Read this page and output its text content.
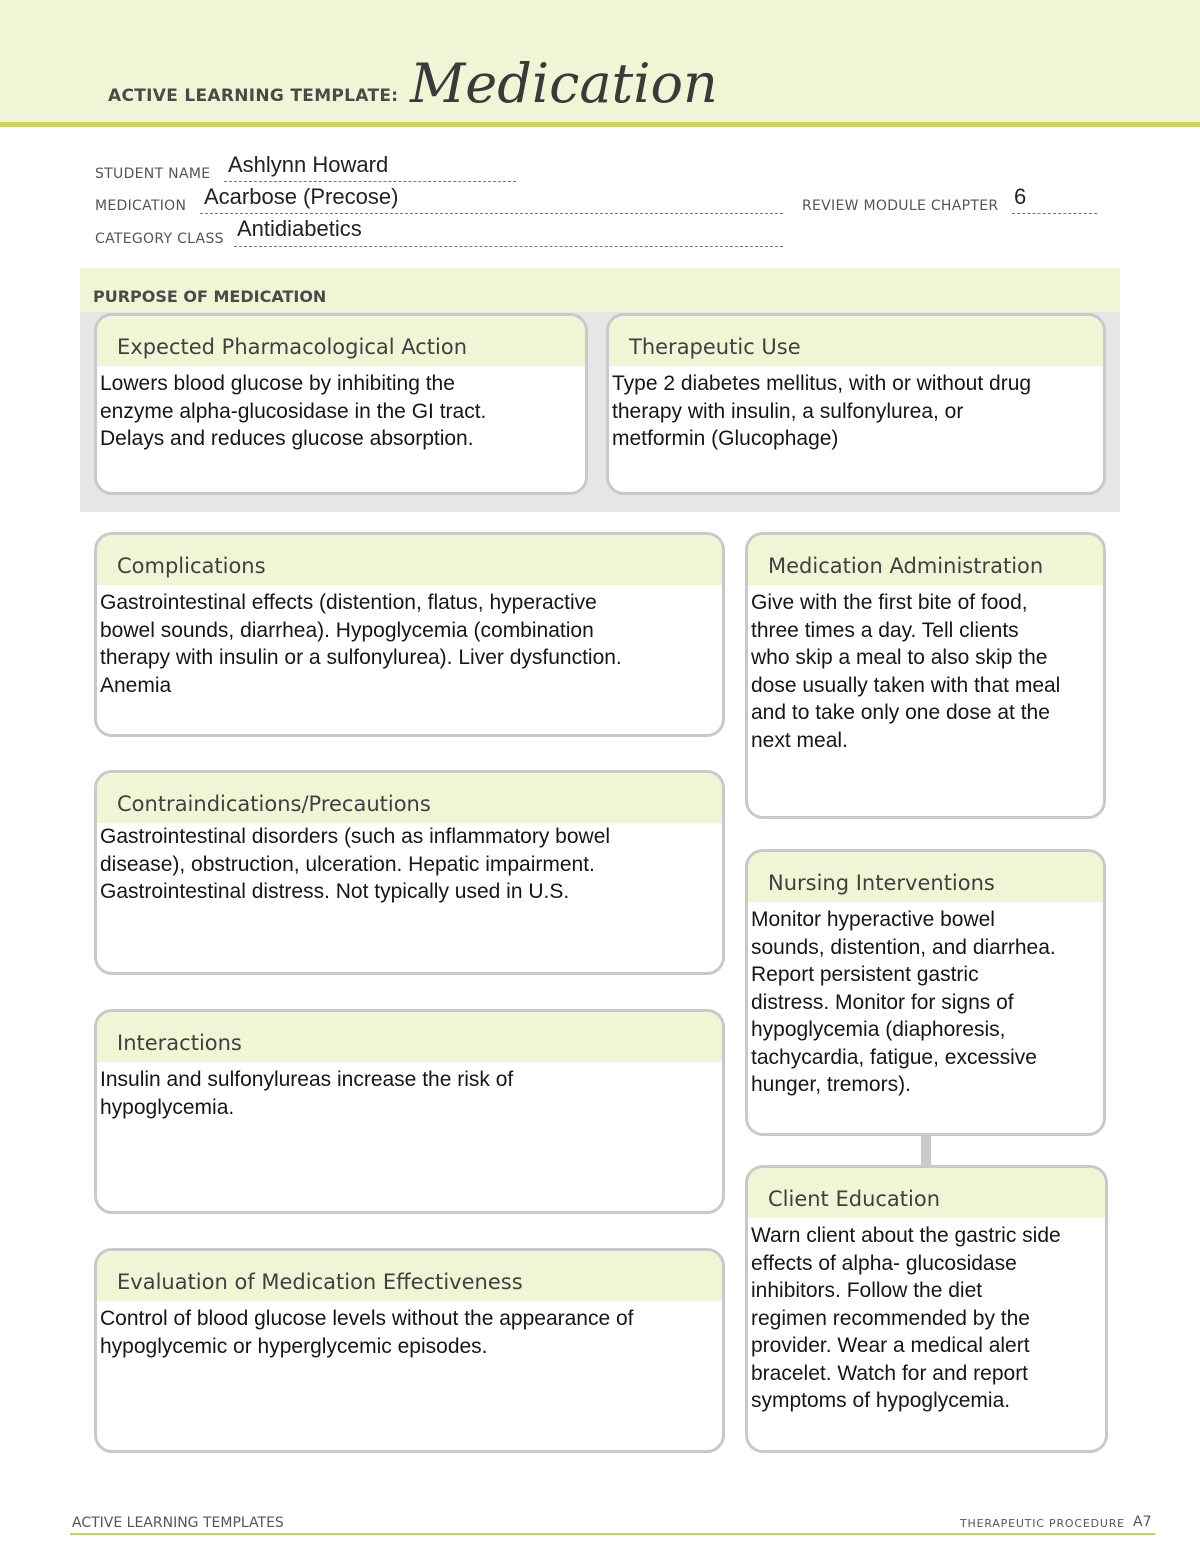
ACTIVE LEARNING TEMPLATE: Medication
STUDENT NAME Ashlynn Howard
MEDICATION Acarbose (Precose)	REVIEW MODULE CHAPTER 6
CATEGORY CLASS Antidiabetics
PURPOSE OF MEDICATION
Expected Pharmacological Action
Lowers blood glucose by inhibiting the
enzyme alpha-glucosidase in the GI tract.
Delays and reduces glucose absorption.
Therapeutic Use
Type 2 diabetes mellitus, with or without drug
therapy with insulin, a sulfonylurea, or
metformin (Glucophage)
Complications
Gastrointestinal effects (distention, flatus, hyperactive
bowel sounds, diarrhea). Hypoglycemia (combination
therapy with insulin or a sulfonylurea). Liver dysfunction.
Anemia
Contraindications/Precautions
Gastrointestinal disorders (such as inflammatory bowel
disease), obstruction, ulceration. Hepatic impairment.
Gastrointestinal distress. Not typically used in U.S.
Interactions
Insulin and sulfonylureas increase the risk of
hypoglycemia.
Evaluation of Medication Effectiveness
Control of blood glucose levels without the appearance of
hypoglycemic or hyperglycemic episodes.
Medication Administration
Give with the first bite of food,
three times a day. Tell clients
who skip a meal to also skip the
dose usually taken with that meal
and to take only one dose at the
next meal.
Nursing Interventions
Monitor hyperactive bowel
sounds, distention, and diarrhea.
Report persistent gastric
distress. Monitor for signs of
hypoglycemia (diaphoresis,
tachycardia, fatigue, excessive
hunger, tremors).
Client Education
Warn client about the gastric side
effects of alpha- glucosidase
inhibitors. Follow the diet
regimen recommended by the
provider. Wear a medical alert
bracelet. Watch for and report
symptoms of hypoglycemia.
ACTIVE LEARNING TEMPLATES	THERAPEUTIC PROCEDURE A7
